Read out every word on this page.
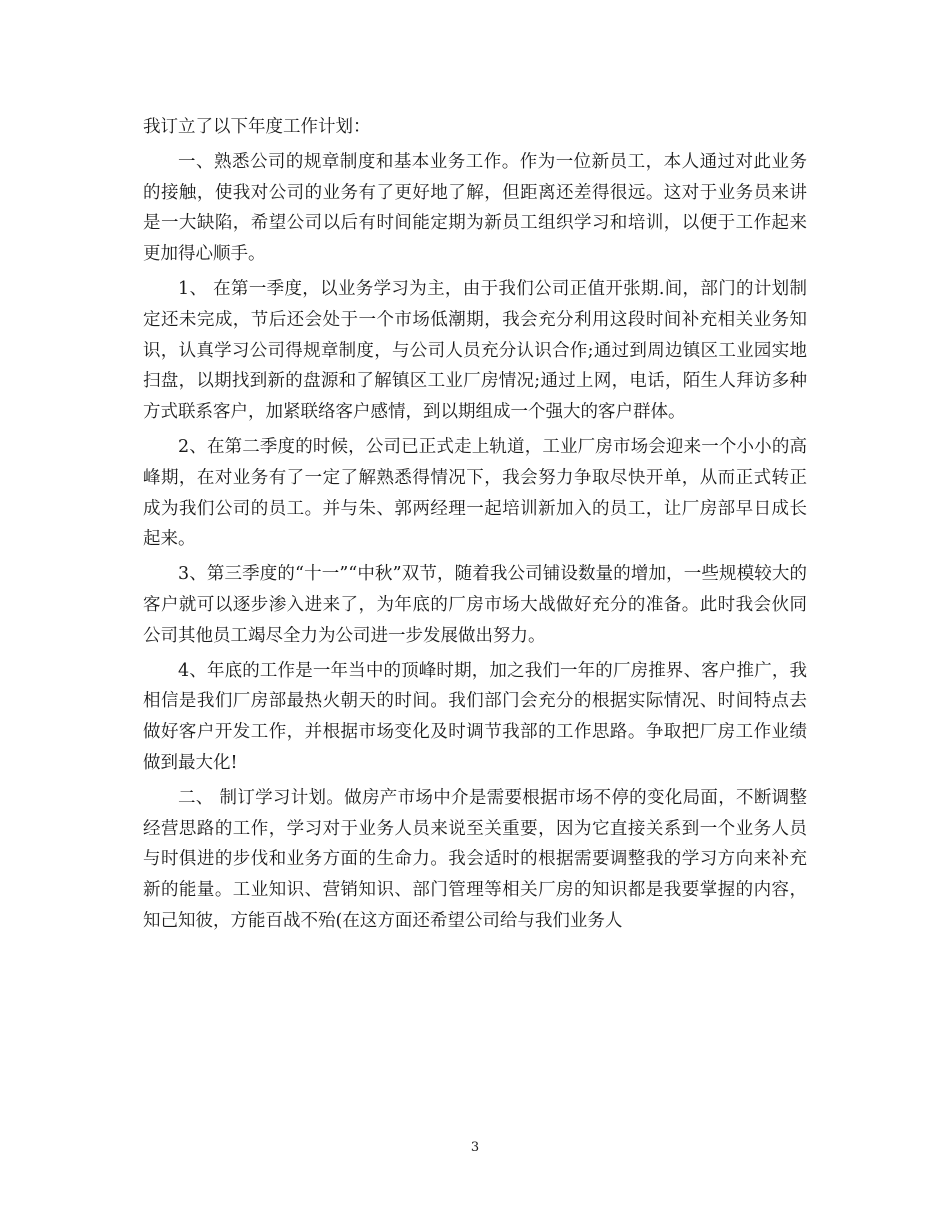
我订立了以下年度工作计划：

一、熟悉公司的规章制度和基本业务工作。作为一位新员工，本人通过对此业务的接触，使我对公司的业务有了更好地了解，但距离还差得很远。这对于业务员来讲是一大缺陷，希望公司以后有时间能定期为新员工组织学习和培训，以便于工作起来更加得心顺手。

1、 在第一季度，以业务学习为主，由于我们公司正值开张期.间，部门的计划制定还未完成，节后还会处于一个市场低潮期，我会充分利用这段时间补充相关业务知识，认真学习公司得规章制度，与公司人员充分认识合作;通过到周边镇区工业园实地扫盘，以期找到新的盘源和了解镇区工业厂房情况;通过上网，电话，陌生人拜访多种方式联系客户，加紧联络客户感情，到以期组成一个强大的客户群体。

2、在第二季度的时候，公司已正式走上轨道，工业厂房市场会迎来一个小小的高峰期，在对业务有了一定了解熟悉得情况下，我会努力争取尽快开单，从而正式转正成为我们公司的员工。并与朱、郭两经理一起培训新加入的员工，让厂房部早日成长起来。

3、第三季度的“十一”“中秋”双节，随着我公司铺设数量的增加，一些规模较大的客户就可以逐步渗入进来了，为年底的厂房市场大战做好充分的准备。此时我会伙同公司其他员工竭尽全力为公司进一步发展做出努力。

4、年底的工作是一年当中的顶峰时期，加之我们一年的厂房推界、客户推广，我相信是我们厂房部最热火朝天的时间。我们部门会充分的根据实际情况、时间特点去做好客户开发工作，并根据市场变化及时调节我部的工作思路。争取把厂房工作业绩做到最大化!

二、 制订学习计划。做房产市场中介是需要根据市场不停的变化局面，不断调整经营思路的工作，学习对于业务人员来说至关重要，因为它直接关系到一个业务人员与时俱进的步伐和业务方面的生命力。我会适时的根据需要调整我的学习方向来补充新的能量。工业知识、营销知识、部门管理等相关厂房的知识都是我要掌握的内容，知己知彼，方能百战不殆(在这方面还希望公司给与我们业务人

3
